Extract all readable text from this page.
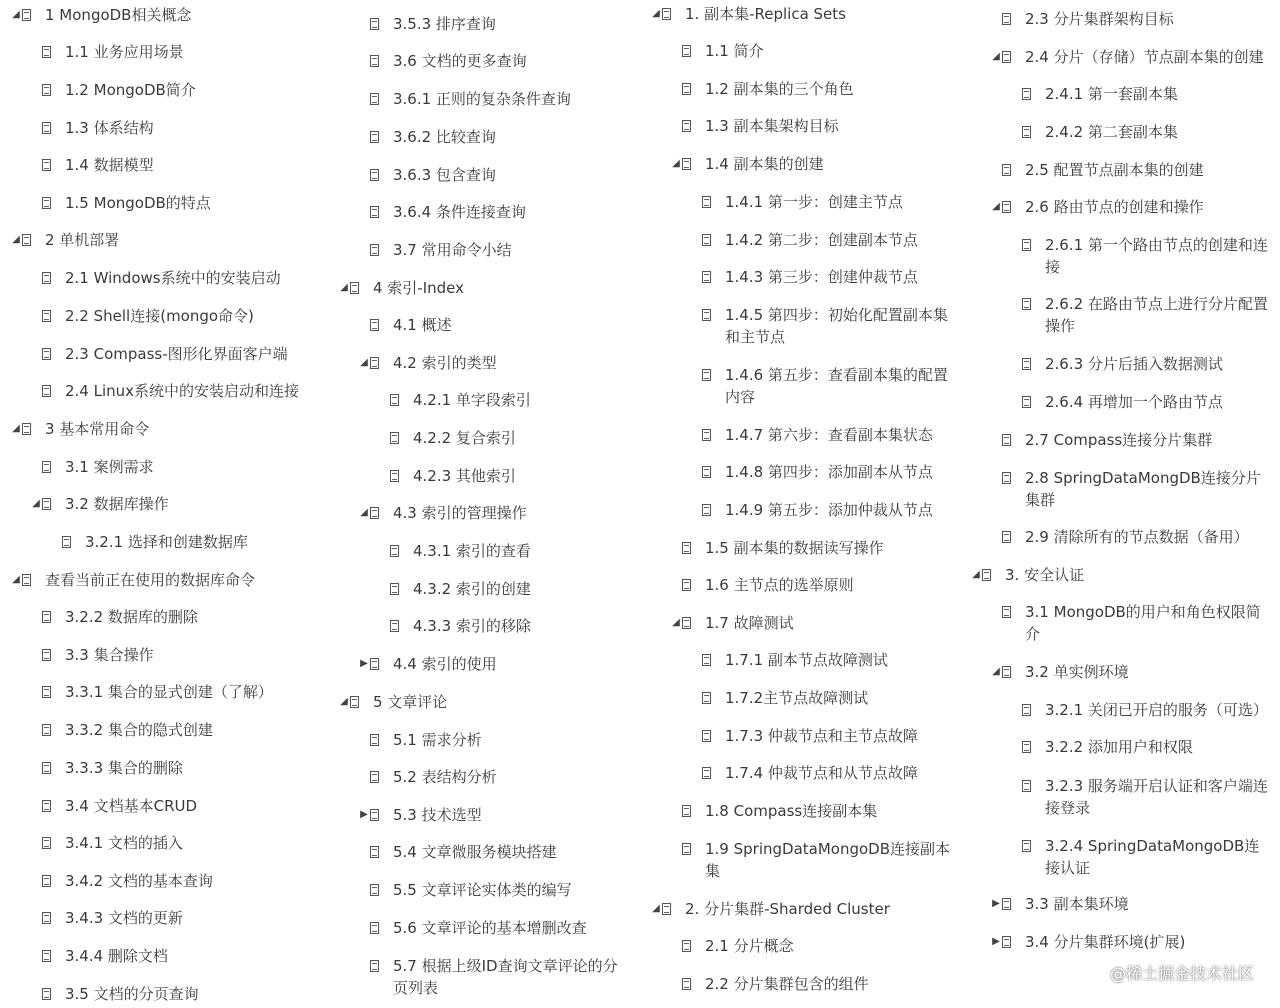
◢ 1 MongoDB相关概念
1.1 业务应用场景
1.2 MongoDB简介
1.3 体系结构
1.4 数据模型
1.5 MongoDB的特点
◢ 2 单机部署
2.1 Windows系统中的安装启动
2.2 Shell连接(mongo命令)
2.3 Compass-图形化界面客户端
2.4 Linux系统中的安装启动和连接
◢ 3 基本常用命令
3.1 案例需求
◢ 3.2 数据库操作
3.2.1 选择和创建数据库
◢ 查看当前正在使用的数据库命令
3.2.2 数据库的删除
3.3 集合操作
3.3.1 集合的显式创建（了解）
3.3.2 集合的隐式创建
3.3.3 集合的删除
3.4 文档基本CRUD
3.4.1 文档的插入
3.4.2 文档的基本查询
3.4.3 文档的更新
3.4.4 删除文档
3.5 文档的分页查询
3.5.3 排序查询
3.6 文档的更多查询
3.6.1 正则的复杂条件查询
3.6.2 比较查询
3.6.3 包含查询
3.6.4 条件连接查询
3.7 常用命令小结
◢ 4 索引-Index
4.1 概述
◢ 4.2 索引的类型
4.2.1 单字段索引
4.2.2 复合索引
4.2.3 其他索引
◢ 4.3 索引的管理操作
4.3.1 索引的查看
4.3.2 索引的创建
4.3.3 索引的移除
▶ 4.4 索引的使用
◢ 5 文章评论
5.1 需求分析
5.2 表结构分析
▶ 5.3 技术选型
5.4 文章微服务模块搭建
5.5 文章评论实体类的编写
5.6 文章评论的基本增删改查
5.7 根据上级ID查询文章评论的分页列表
◢ 1. 副本集-Replica Sets
1.1 简介
1.2 副本集的三个角色
1.3 副本集架构目标
◢ 1.4 副本集的创建
1.4.1 第一步：创建主节点
1.4.2 第二步：创建副本节点
1.4.3 第三步：创建仲裁节点
1.4.5 第四步：初始化配置副本集和主节点
1.4.6 第五步：查看副本集的配置内容
1.4.7 第六步：查看副本集状态
1.4.8 第四步：添加副本从节点
1.4.9 第五步：添加仲裁从节点
1.5 副本集的数据读写操作
1.6 主节点的选举原则
◢ 1.7 故障测试
1.7.1 副本节点故障测试
1.7.2主节点故障测试
1.7.3 仲裁节点和主节点故障
1.7.4 仲裁节点和从节点故障
1.8 Compass连接副本集
1.9 SpringDataMongoDB连接副本集
◢ 2. 分片集群-Sharded Cluster
2.1 分片概念
2.2 分片集群包含的组件
2.3 分片集群架构目标
◢ 2.4 分片（存储）节点副本集的创建
2.4.1 第一套副本集
2.4.2 第二套副本集
2.5 配置节点副本集的创建
◢ 2.6 路由节点的创建和操作
2.6.1 第一个路由节点的创建和连接
2.6.2 在路由节点上进行分片配置操作
2.6.3 分片后插入数据测试
2.6.4 再增加一个路由节点
2.7 Compass连接分片集群
2.8 SpringDataMongDB连接分片集群
2.9 清除所有的节点数据（备用）
◢ 3. 安全认证
3.1 MongoDB的用户和角色权限简介
◢ 3.2 单实例环境
3.2.1 关闭已开启的服务（可选）
3.2.2 添加用户和权限
3.2.3 服务端开启认证和客户端连接登录
3.2.4 SpringDataMongoDB连接认证
▶ 3.3 副本集环境
▶ 3.4 分片集群环境(扩展)
@稀土掘金技术社区
